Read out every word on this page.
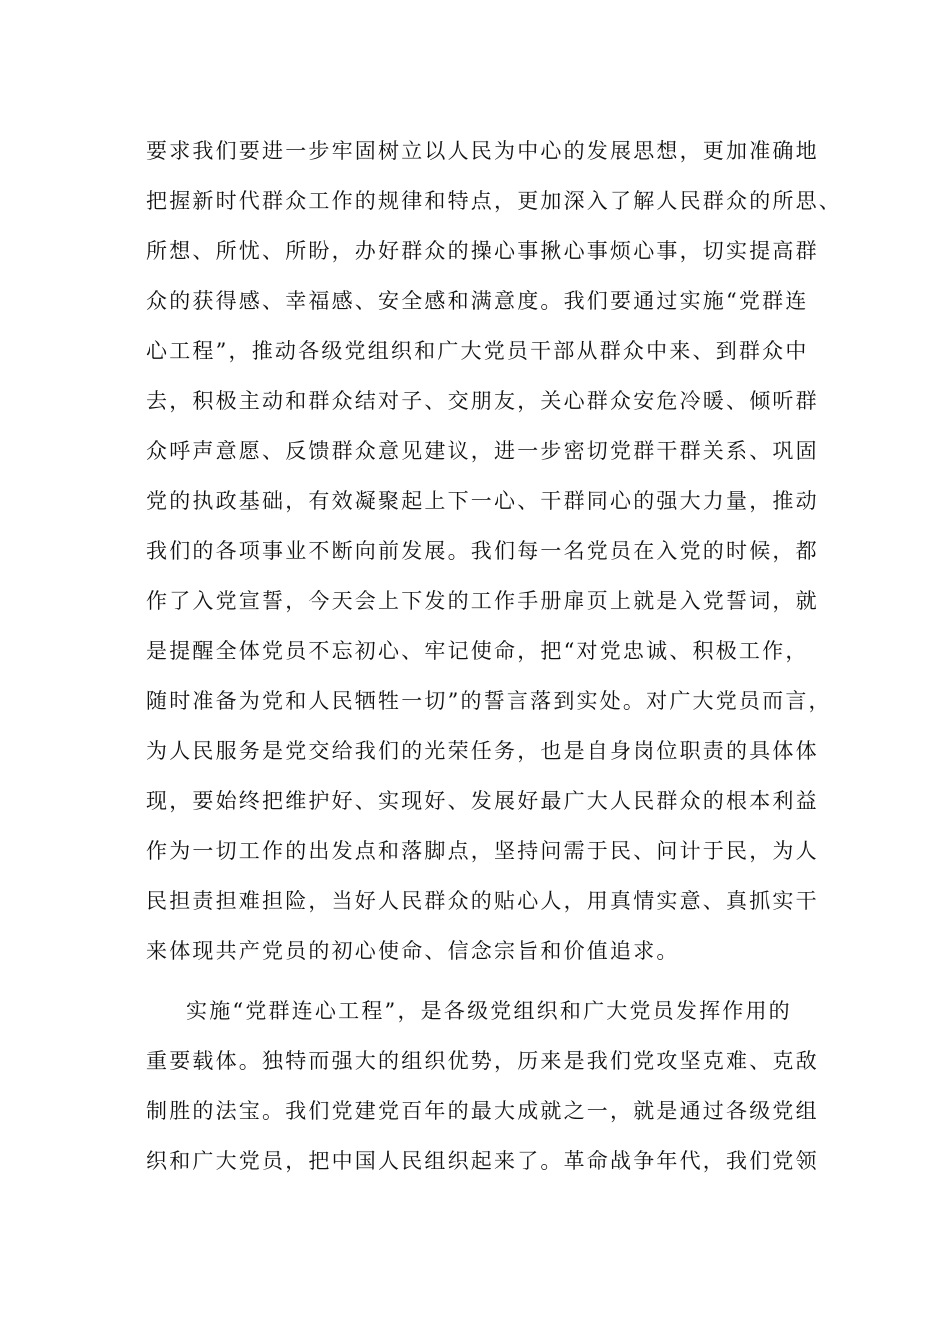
要求我们要进一步牢固树立以人民为中心的发展思想，更加准确地
把握新时代群众工作的规律和特点，更加深入了解人民群众的所思、
所想、所忧、所盼，办好群众的操心事揪心事烦心事，切实提高群
众的获得感、幸福感、安全感和满意度。我们要通过实施“党群连
心工程”，推动各级党组织和广大党员干部从群众中来、到群众中
去，积极主动和群众结对子、交朋友，关心群众安危冷暖、倾听群
众呼声意愿、反馈群众意见建议，进一步密切党群干群关系、巩固
党的执政基础，有效凝聚起上下一心、干群同心的强大力量，推动
我们的各项事业不断向前发展。我们每一名党员在入党的时候，都
作了入党宣誓，今天会上下发的工作手册扉页上就是入党誓词，就
是提醒全体党员不忘初心、牢记使命，把“对党忠诚、积极工作，
随时准备为党和人民牺牲一切”的誓言落到实处。对广大党员而言，
为人民服务是党交给我们的光荣任务，也是自身岗位职责的具体体
现，要始终把维护好、实现好、发展好最广大人民群众的根本利益
作为一切工作的出发点和落脚点，坚持问需于民、问计于民，为人
民担责担难担险，当好人民群众的贴心人，用真情实意、真抓实干
来体现共产党员的初心使命、信念宗旨和价值追求。
实施“党群连心工程”，是各级党组织和广大党员发挥作用的
重要载体。独特而强大的组织优势，历来是我们党攻坚克难、克敌
制胜的法宝。我们党建党百年的最大成就之一，就是通过各级党组
织和广大党员，把中国人民组织起来了。革命战争年代，我们党领
